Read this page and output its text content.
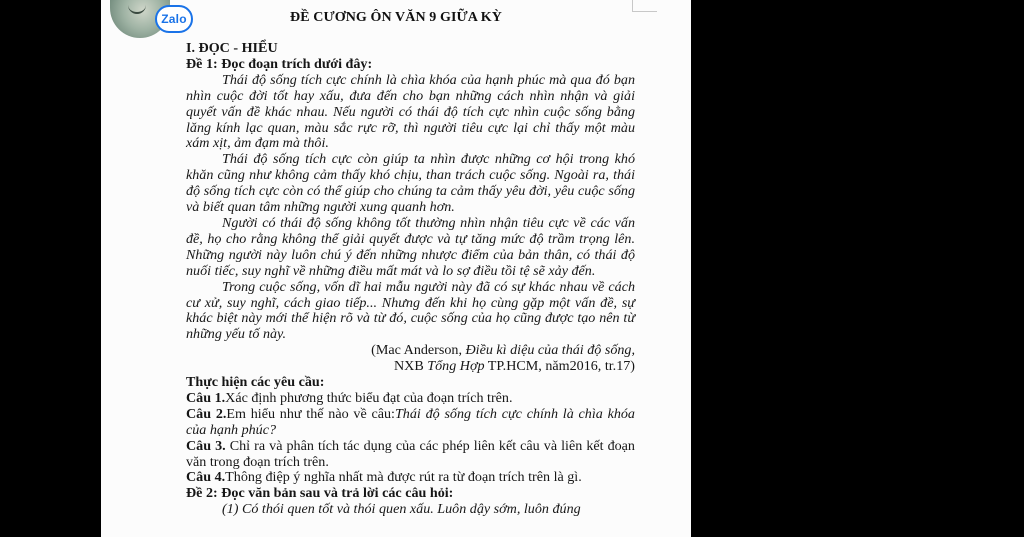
Zalo	ĐỀ CƯƠNG ÔN VĂN 9 GIỮA KỲ

I. ĐỌC - HIỂU

Đề 1: Đọc đoạn trích dưới đây:

Thái độ sống tích cực chính là chìa khóa của hạnh phúc mà qua đó bạn nhìn cuộc đời tốt hay xấu, đưa đến cho bạn những cách nhìn nhận và giải quyết vấn đề khác nhau. Nếu người có thái độ tích cực nhìn cuộc sống bằng lăng kính lạc quan, màu sắc rực rỡ, thì người tiêu cực lại chỉ thấy một màu xám xịt, ảm đạm mà thôi.

Thái độ sống tích cực còn giúp ta nhìn được những cơ hội trong khó khăn cũng như không cảm thấy khó chịu, than trách cuộc sống. Ngoài ra, thái độ sống tích cực còn có thể giúp cho chúng ta cảm thấy yêu đời, yêu cuộc sống và biết quan tâm những người xung quanh hơn.

Người có thái độ sống không tốt thường nhìn nhận tiêu cực về các vấn đề, họ cho rằng không thể giải quyết được và tự tăng mức độ trầm trọng lên. Những người này luôn chú ý đến những nhược điểm của bản thân, có thái độ nuối tiếc, suy nghĩ về những điều mất mát và lo sợ điều tồi tệ sẽ xảy đến.

Trong cuộc sống, vốn dĩ hai mẫu người này đã có sự khác nhau về cách cư xử, suy nghĩ, cách giao tiếp... Nhưng đến khi họ cùng gặp một vấn đề, sự khác biệt này mới thể hiện rõ và từ đó, cuộc sống của họ cũng được tạo nên từ những yếu tố này.

(Mac Anderson, Điều kì diệu của thái độ sống,

NXB Tổng Hợp TP.HCM, năm2016, tr.17)

Thực hiện các yêu cầu:

Câu 1.Xác định phương thức biểu đạt của đoạn trích trên.

Câu 2.Em hiểu như thế nào về câu:Thái độ sống tích cực chính là chìa khóa của hạnh phúc?

Câu 3. Chỉ ra và phân tích tác dụng của các phép liên kết câu và liên kết đoạn văn trong đoạn trích trên.

Câu 4.Thông điệp ý nghĩa nhất mà được rút ra từ đoạn trích trên là gì.

Đề 2: Đọc văn bản sau và trả lời các câu hỏi:

(1) Có thói quen tốt và thói quen xấu. Luôn dậy sớm, luôn đúng
